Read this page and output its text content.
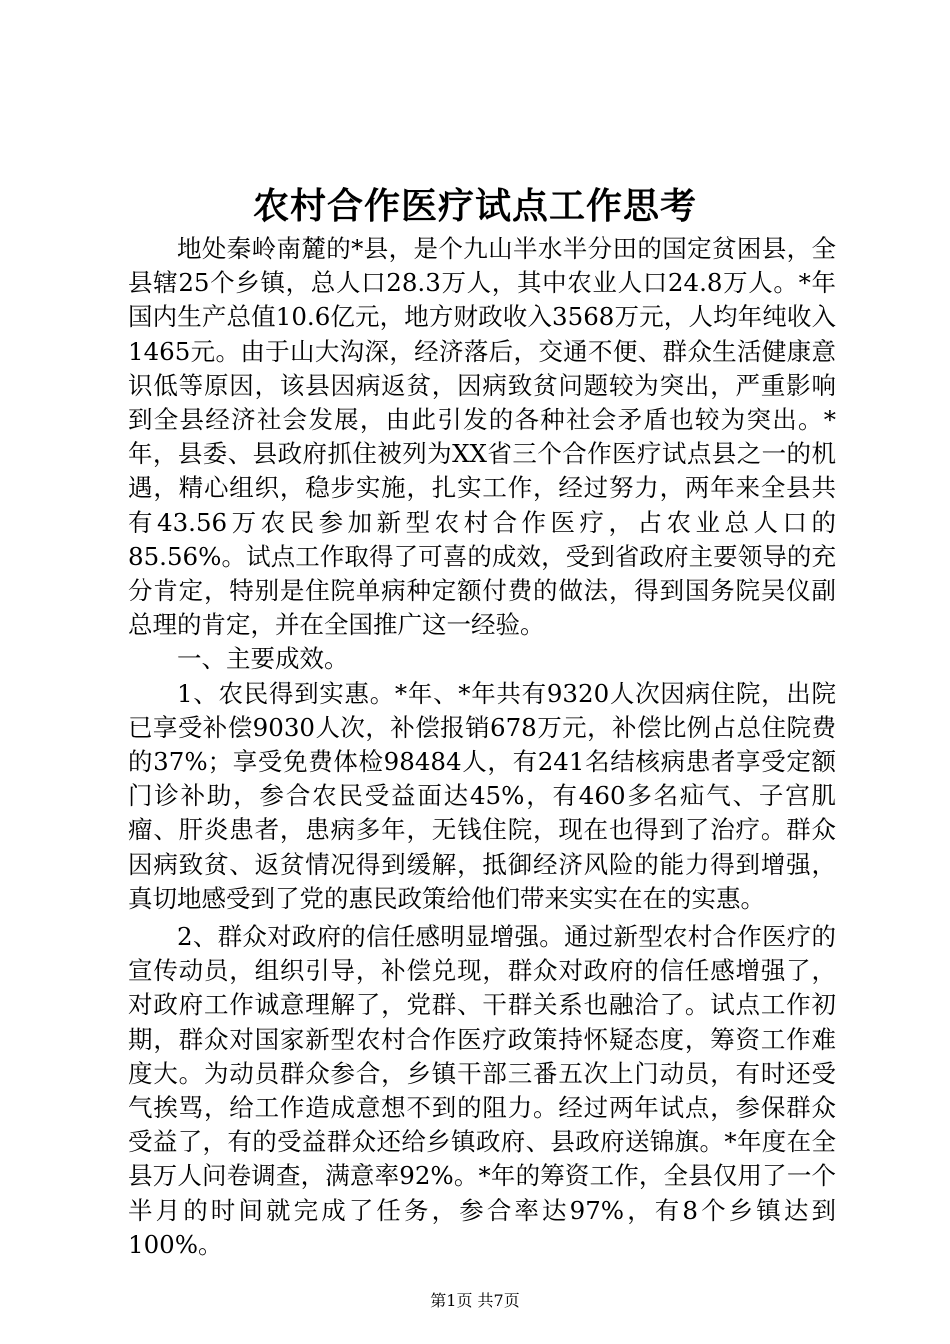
农村合作医疗试点工作思考

地处秦岭南麓的*县，是个九山半水半分田的国定贫困县，全县辖25个乡镇，总人口28.3万人，其中农业人口24.8万人。*年国内生产总值10.6亿元，地方财政收入3568万元，人均年纯收入1465元。由于山大沟深，经济落后，交通不便、群众生活健康意识低等原因，该县因病返贫，因病致贫问题较为突出，严重影响到全县经济社会发展，由此引发的各种社会矛盾也较为突出。*年，县委、县政府抓住被列为XX省三个合作医疗试点县之一的机遇，精心组织，稳步实施，扎实工作，经过努力，两年来全县共有43.56万农民参加新型农村合作医疗，占农业总人口的85.56%。试点工作取得了可喜的成效，受到省政府主要领导的充分肯定，特别是住院单病种定额付费的做法，得到国务院吴仪副总理的肯定，并在全国推广这一经验。

一、主要成效。

1、农民得到实惠。*年、*年共有9320人次因病住院，出院已享受补偿9030人次，补偿报销678万元，补偿比例占总住院费的37%；享受免费体检98484人，有241名结核病患者享受定额门诊补助，参合农民受益面达45%，有460多名疝气、子宫肌瘤、肝炎患者，患病多年，无钱住院，现在也得到了治疗。群众因病致贫、返贫情况得到缓解，抵御经济风险的能力得到增强，真切地感受到了党的惠民政策给他们带来实实在在的实惠。

2、群众对政府的信任感明显增强。通过新型农村合作医疗的宣传动员，组织引导，补偿兑现，群众对政府的信任感增强了，对政府工作诚意理解了，党群、干群关系也融洽了。试点工作初期，群众对国家新型农村合作医疗政策持怀疑态度，筹资工作难度大。为动员群众参合，乡镇干部三番五次上门动员，有时还受气挨骂，给工作造成意想不到的阻力。经过两年试点，参保群众受益了，有的受益群众还给乡镇政府、县政府送锦旗。*年度在全县万人问卷调查，满意率92%。*年的筹资工作，全县仅用了一个半月的时间就完成了任务，参合率达97%，有8个乡镇达到100%。

第1页 共7页
